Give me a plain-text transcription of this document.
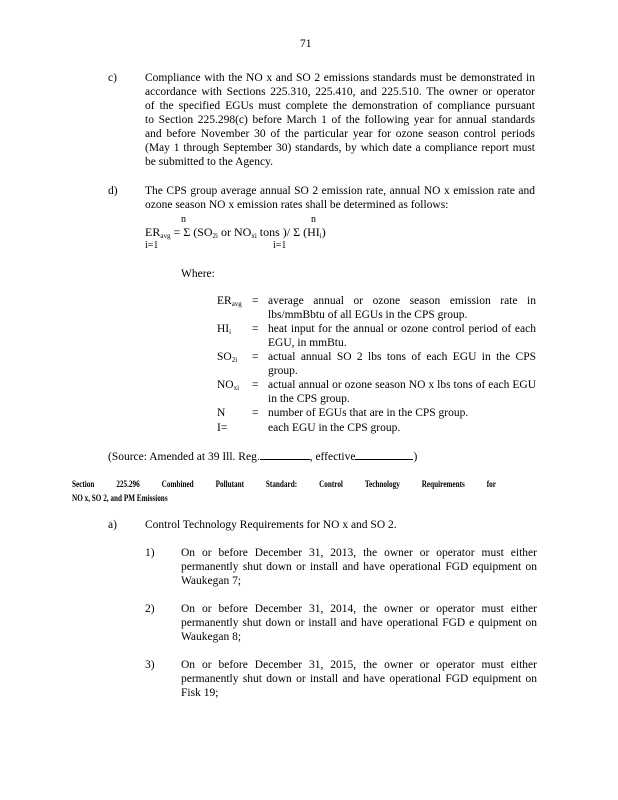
71
c) Compliance with the NO x and SO 2 emissions standards must be demonstrated in
accordance with Sections 225.310, 225.410, and 225.510. The owner or operator
of the specified EGUs must complete the demonstration of compliance pursuant
to Section 225.298(c) before March 1 of the following year for annual standards
and before November 30 of the particular year for ozone season control periods
(May 1 through September 30) standards, by which date a compliance report must
be submitted to the Agency.
d) The CPS group average annual SO 2 emission rate, annual NO x emission rate and
ozone season NO x emission rates shall be determined as follows:
n	n
$ER_{avg} = \Sigma$ ($SO_{2i}$ or $NO_{xi}$ tons )/ Σ $(HI_i)$
i=1	i=1
Where:
$ER_{avg}$ = average annual or ozone season emission rate in
lbs/mmBbtu of all EGUs in the CPS group.
$HI_i$ = heat input for the annual or ozone control period of each
EGU, in mmBtu.
$SO_{2i}$ = actual annual SO 2 lbs tons of each EGU in the CPS
group.
$NO_{xi}$ = actual annual or ozone season NO x lbs tons of each EGU
in the CPS group.
N = number of EGUs that are in the CPS group.
I=	each EGU in the CPS group.
(Source: Amended at 39 Ill. Reg.	, effective	)
Section 225.296 Combined Pollutant Standard: Control Technology Requirements for
NO x, SO 2, and PM Emissions
a) Control Technology Requirements for NO x and SO 2.
1) On or before December 31, 2013, the owner or operator must either
permanently shut down or install and have operational FGD equipment on
Waukegan 7;
2) On or before December 31, 2014, the owner or operator must either
permanently shut down or install and have operational FGD e quipment on
Waukegan 8;
3) On or before December 31, 2015, the owner or operator must either
permanently shut down or install and have operational FGD equipment on
Fisk 19;
